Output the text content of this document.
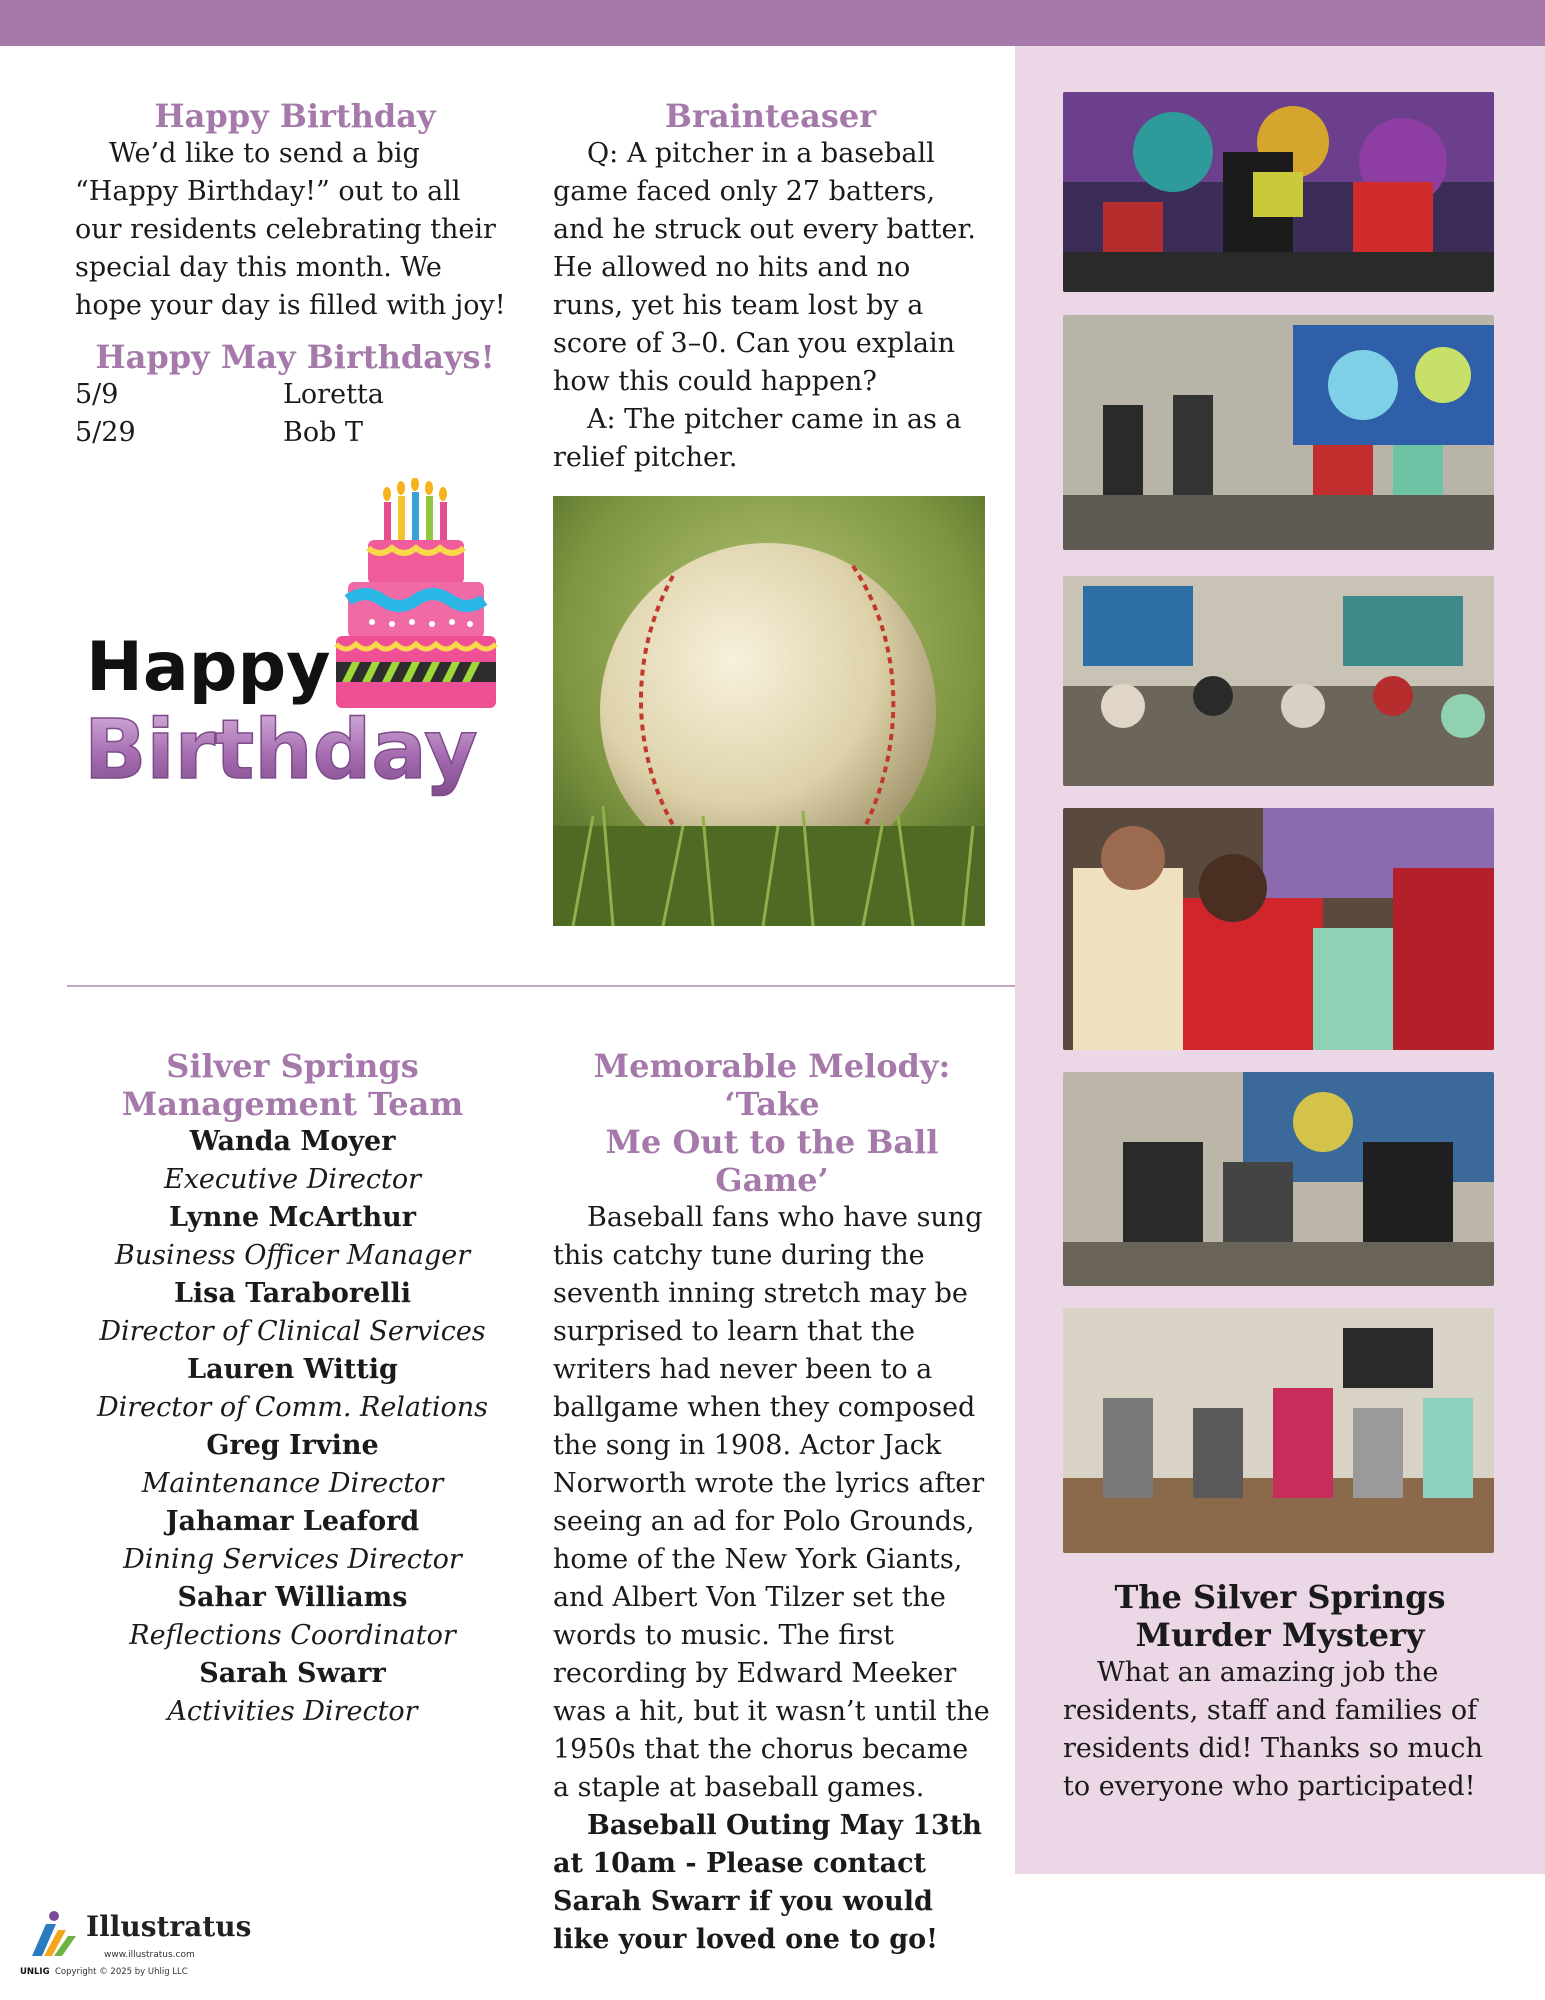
Happy Birthday

We’d like to send a big “Happy Birthday!” out to all our residents celebrating their special day this month. We hope your day is filled with joy!

Happy May Birthdays!
5/9	Loretta
5/29	Bob T
Happy
Birthday
Brainteaser

Q: A pitcher in a baseball game faced only 27 batters, and he struck out every batter. He allowed no hits and no runs, yet his team lost by a score of 3–0. Can you explain how this could happen?

A: The pitcher came in as a relief pitcher.

Silver Springs
Management Team
Wanda Moyer
Executive Director
Lynne McArthur
Business Officer Manager
Lisa Taraborelli
Director of Clinical Services
Lauren Wittig
Director of Comm. Relations
Greg Irvine
Maintenance Director
Jahamar Leaford
Dining Services Director
Sahar Williams
Reflections Coordinator
Sarah Swarr
Activities Director
Memorable Melody: ‘Take
Me Out to the Ball Game’

Baseball fans who have sung this catchy tune during the seventh inning stretch may be surprised to learn that the writers had never been to a ballgame when they composed the song in 1908. Actor Jack Norworth wrote the lyrics after seeing an ad for Polo Grounds, home of the New York Giants, and Albert Von Tilzer set the words to music. The first recording by Edward Meeker was a hit, but it wasn’t until the 1950s that the chorus became a staple at baseball games.

Baseball Outing May 13th at 10am - Please contact Sarah Swarr if you would like your loved one to go!

The Silver Springs
Murder Mystery

What an amazing job the residents, staff and families of residents did! Thanks so much to everyone who participated!

Illustratus
www.illustratus.com
UNLIG Copyright © 2025 by Uhlig LLC
